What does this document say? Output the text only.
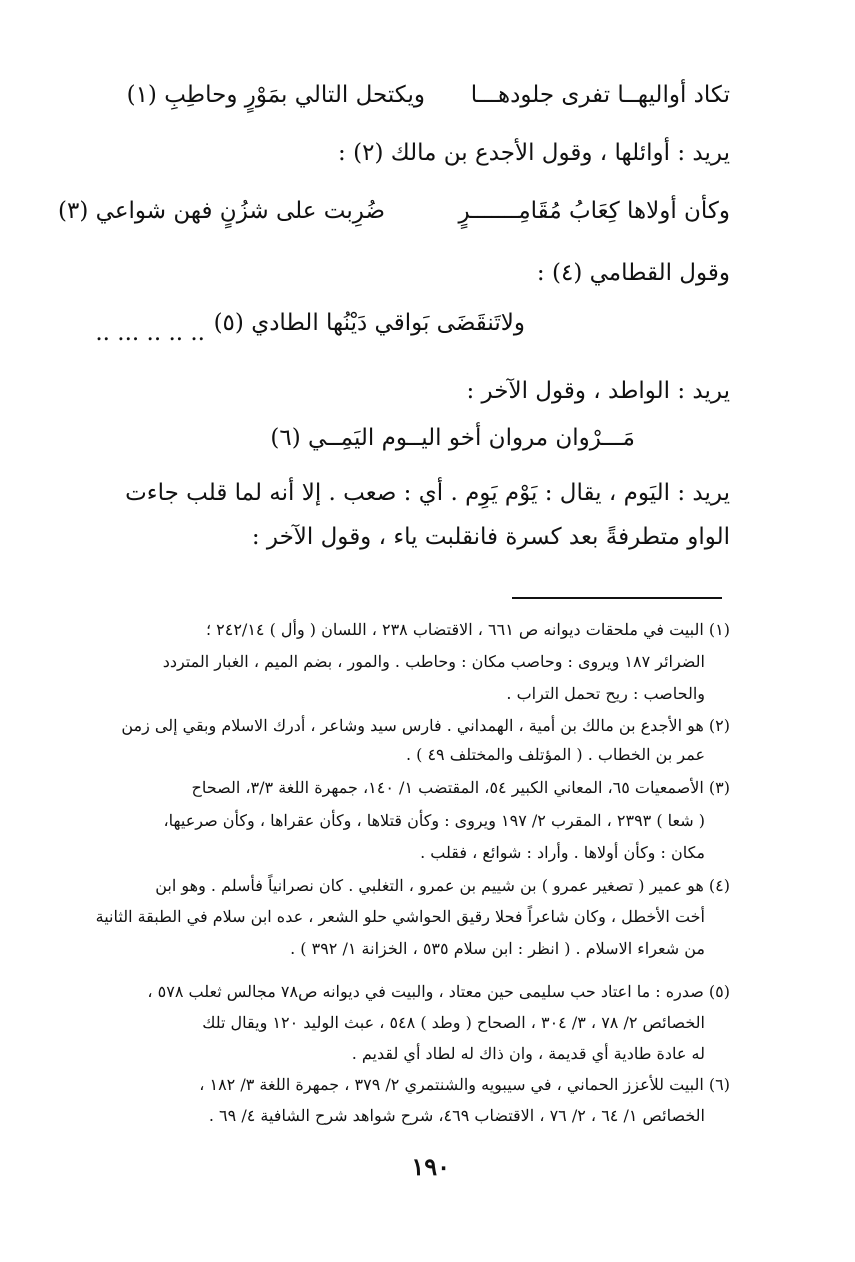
تكاد أواليهــا تفرى جلودهـــا
ويكتحل التالي بمَوْرٍ وحاطِبِ (١)
يريد : أوائلها ، وقول الأجدع بن مالك (٢) :
وكأن أولاها كِعَابُ مُقَامِـــــــرٍ
ضُرِبت على شزُنٍ فهن شواعي (٣)
وقول القطامي (٤) :
ولاتَنقَضَى بَواقي دَيْنُها الطادي (٥)
.. .. .. ... ..
يريد : الواطد ، وقول الآخر :
مَـــرْوان مروان أخو اليــوم اليَمِــي (٦)
يريد : اليَوم ، يقال : يَوْم يَوِم . أي : صعب . إلا أنه لما قلب جاءت
الواو متطرفةً بعد كسرة فانقلبت ياء ، وقول الآخر :
(١) البيت في ملحقات ديوانه ص ٦٦١ ، الاقتضاب ٢٣٨ ، اللسان ( وأل ) ٢٤٢/١٤ ؛
الضرائر ١٨٧ ويروى : وحاصب مكان : وحاطب . والمور ، بضم الميم ، الغبار المتردد
والحاصب : ريح تحمل التراب .
(٢) هو الأجدع بن مالك بن أمية ، الهمداني . فارس سيد وشاعر ، أدرك الاسلام وبقي إلى زمن
عمر بن الخطاب . ( المؤتلف والمختلف ٤٩ ) .
(٣) الأصمعيات ٦٥، المعاني الكبير ٥٤، المقتضب ١/ ١٤٠، جمهرة اللغة ٣/٣، الصحاح
( شعا ) ٢٣٩٣ ، المقرب ٢/ ١٩٧ ويروى : وكأن قتلاها ، وكأن عقراها ، وكأن صرعيها،
مكان : وكأن أولاها . وأراد : شوائع ، فقلب .
(٤) هو عمير ( تصغير عمرو ) بن شييم بن عمرو ، التغلبي . كان نصرانياً فأسلم . وهو ابن
أخت الأخطل ، وكان شاعراً فحلا رقيق الحواشي حلو الشعر ، عده ابن سلام في الطبقة الثانية
من شعراء الاسلام . ( انظر : ابن سلام ٥٣٥ ، الخزانة ١/ ٣٩٢ ) .
(٥) صدره : ما اعتاد حب سليمى حين معتاد ، والبيت في ديوانه ص٧٨ مجالس ثعلب ٥٧٨ ،
الخصائص ٢/ ٧٨ ، ٣/ ٣٠٤ ، الصحاح ( وطد ) ٥٤٨ ، عبث الوليد ١٢٠ ويقال تلك
له عادة طادية أي قديمة ، وان ذاك له لطاد أي لقديم .
(٦) البيت للأعزز الحماني ، في سيبويه والشنتمري ٢/ ٣٧٩ ، جمهرة اللغة ٣/ ١٨٢ ،
الخصائص ١/ ٦٤ ، ٢/ ٧٦ ، الاقتضاب ٤٦٩، شرح شواهد شرح الشافية ٤/ ٦٩ .
١٩٠
